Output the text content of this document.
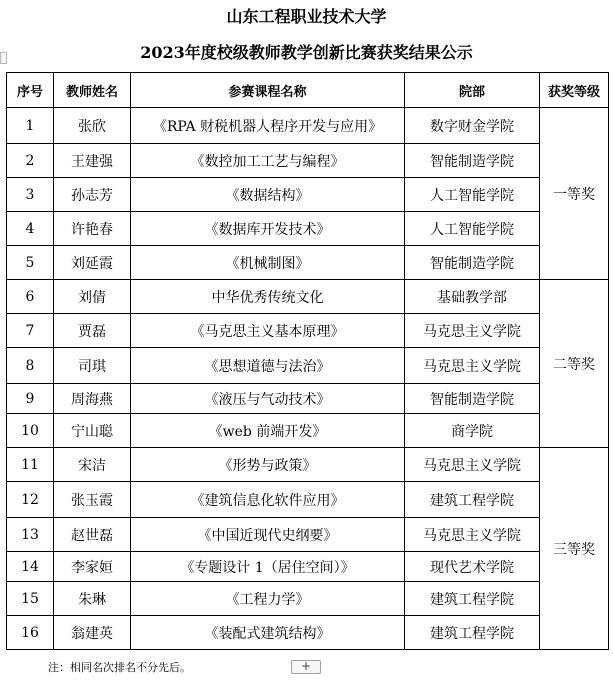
山东工程职业技术大学
2023年度校级教师教学创新比赛获奖结果公示
序号	教师姓名	参赛课程名称	院部	获奖等级
1	张欣	《RPA 财税机器人程序开发与应用》	数字财金学院	一等奖
2	王建强	《数控加工工艺与编程》	智能制造学院	
3	孙志芳	《数据结构》	人工智能学院	
4	许艳春	《数据库开发技术》	人工智能学院	
5	刘延霞	《机械制图》	智能制造学院	
6	刘倩	中华优秀传统文化	基础教学部	二等奖
7	贾磊	《马克思主义基本原理》	马克思主义学院	
8	司琪	《思想道德与法治》	马克思主义学院	
9	周海燕	《液压与气动技术》	智能制造学院	
10	宁山聪	《web 前端开发》	商学院	
11	宋洁	《形势与政策》	马克思主义学院	三等奖
12	张玉霞	《建筑信息化软件应用》	建筑工程学院	
13	赵世磊	《中国近现代史纲要》	马克思主义学院	
14	李家姮	《专题设计 1（居住空间）》	现代艺术学院	
15	朱琳	《工程力学》	建筑工程学院	
16	翁建英	《装配式建筑结构》	建筑工程学院	
注：相同名次排名不分先后。	+
